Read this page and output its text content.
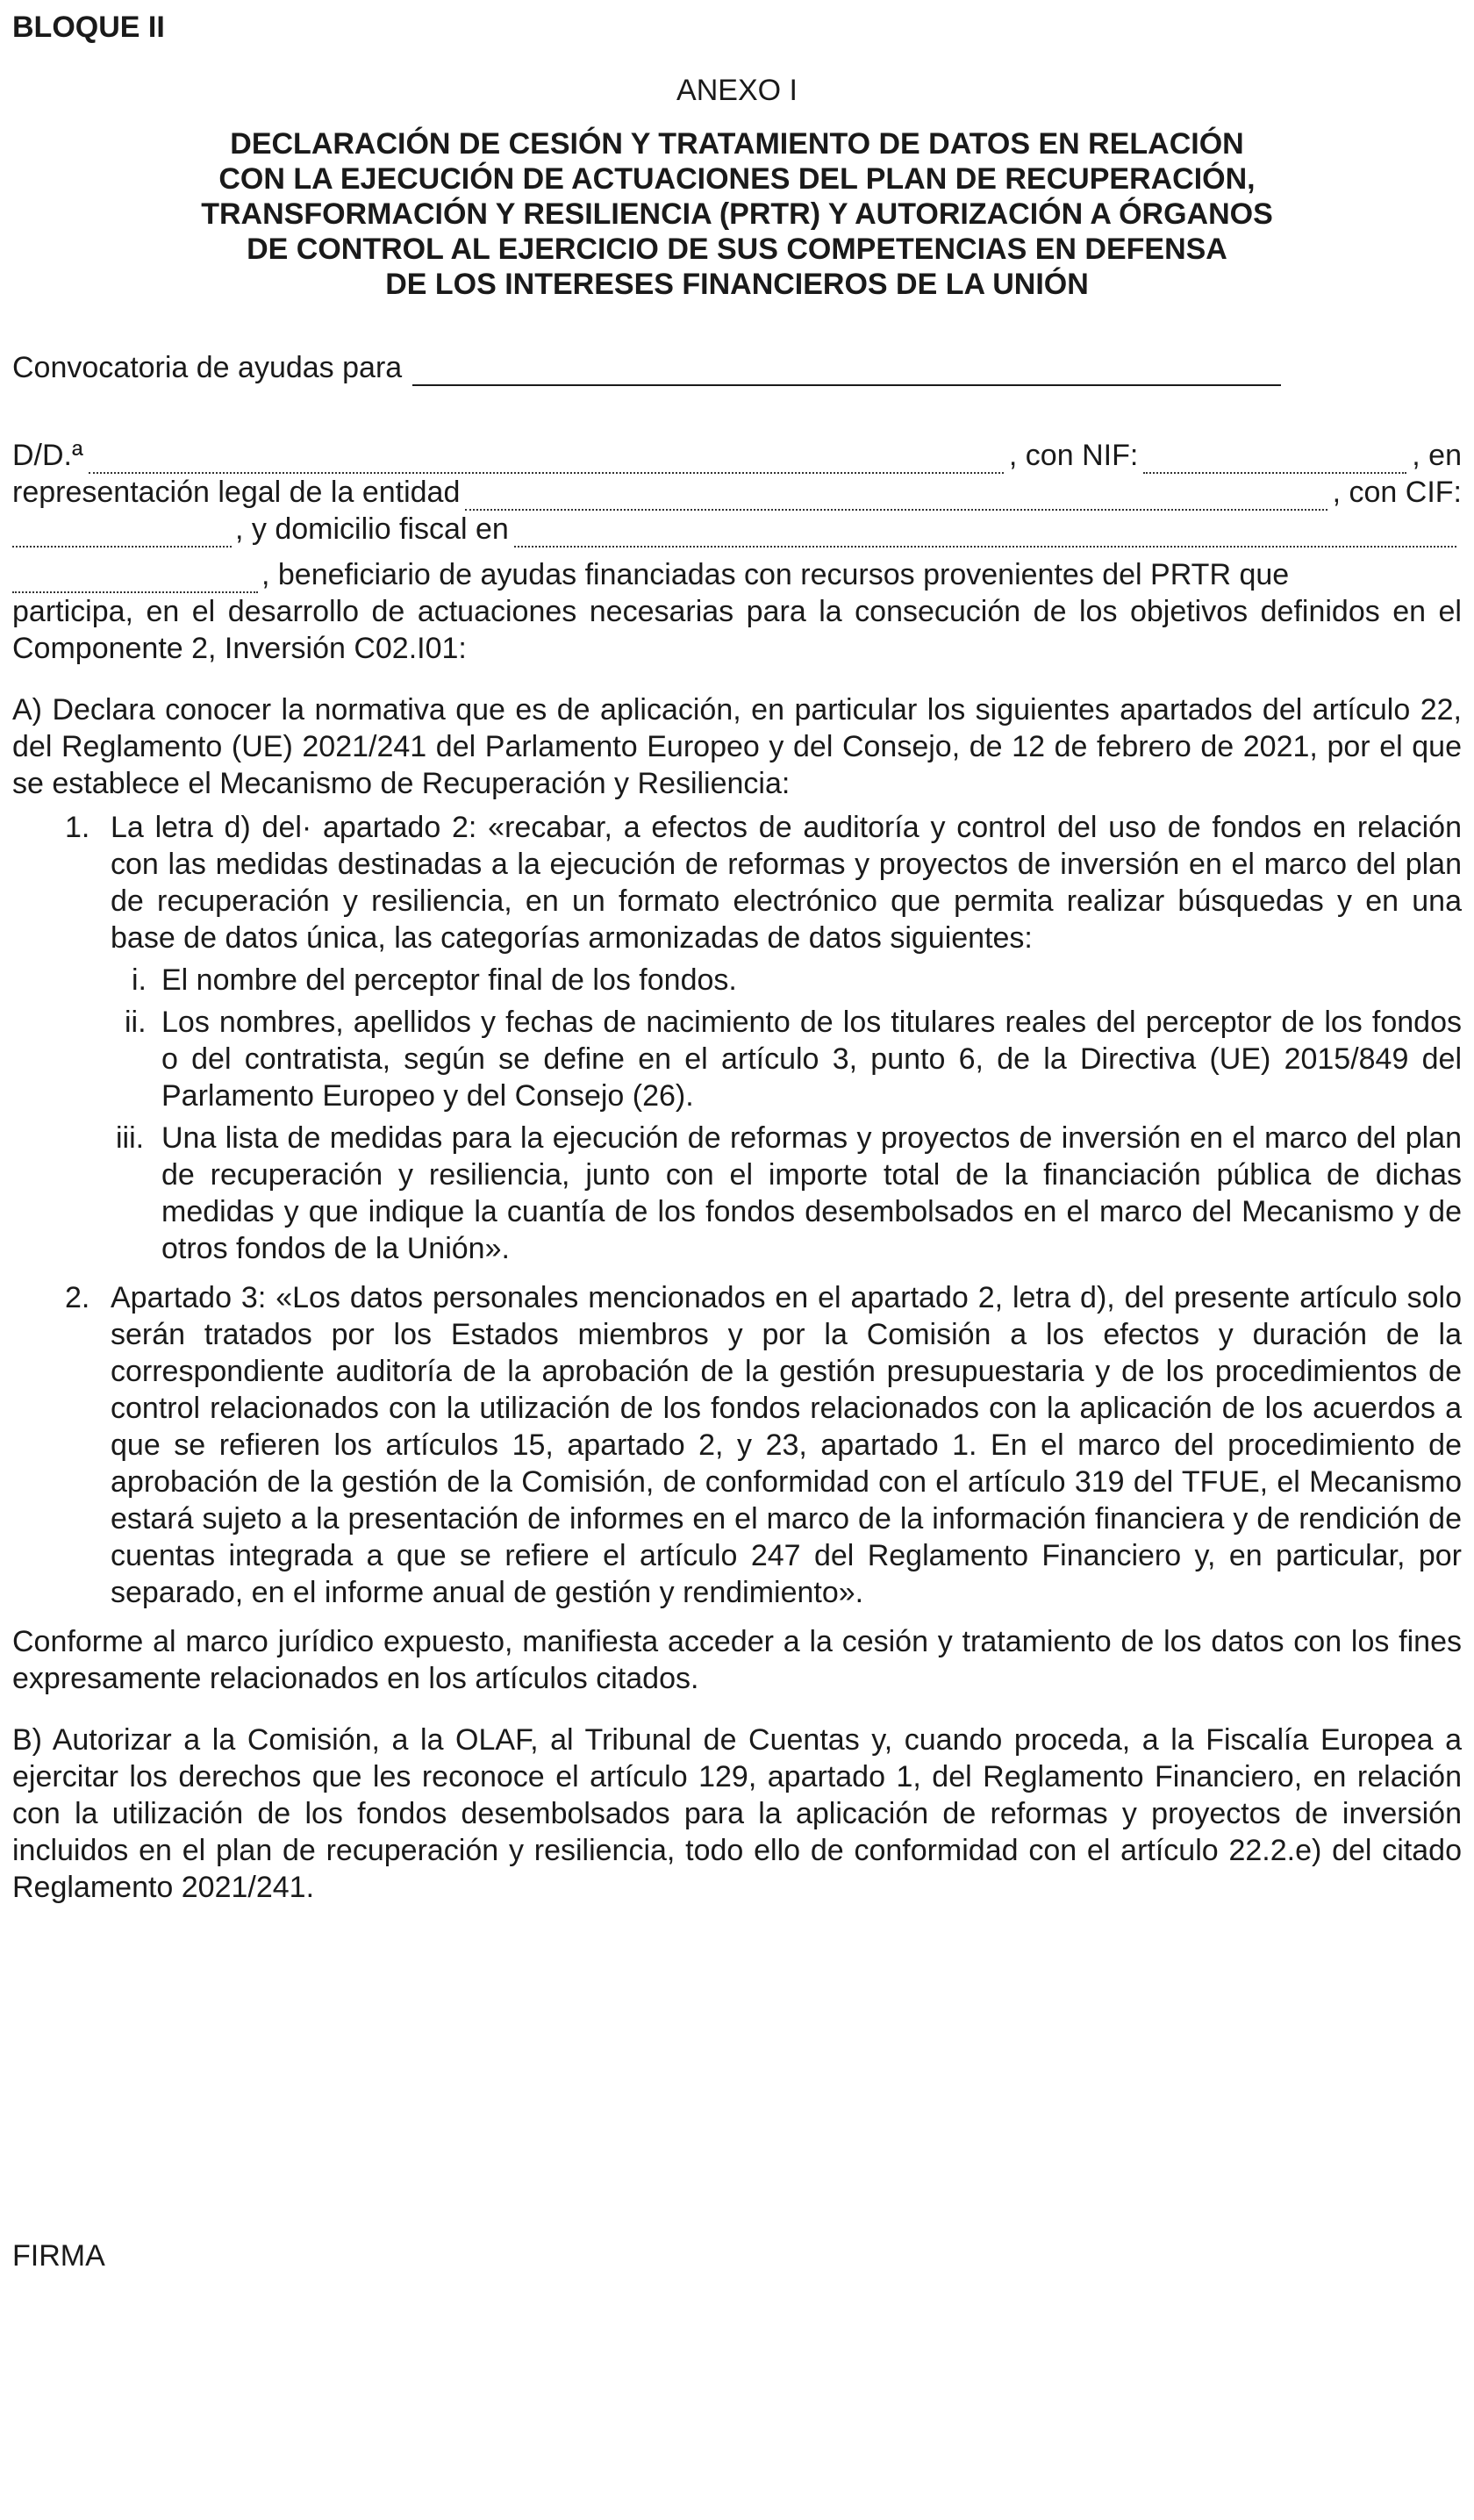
BLOQUE II
ANEXO I
DECLARACIÓN DE CESIÓN Y TRATAMIENTO DE DATOS EN RELACIÓN
CON LA EJECUCIÓN DE ACTUACIONES DEL PLAN DE RECUPERACIÓN,
TRANSFORMACIÓN Y RESILIENCIA (PRTR) Y AUTORIZACIÓN A ÓRGANOS
DE CONTROL AL EJERCICIO DE SUS COMPETENCIAS EN DEFENSA
DE LOS INTERESES FINANCIEROS DE LA UNIÓN
Convocatoria de ayudas para
D/D.ª	, con NIF:	, en
representación legal de la entidad	, con CIF:
, y domicilio fiscal en
, beneficiario de ayudas financiadas con recursos provenientes del PRTR que

participa, en el desarrollo de actuaciones necesarias para la consecución de los objetivos definidos en el Componente 2, Inversión C02.I01:

A) Declara conocer la normativa que es de aplicación, en particular los siguientes apartados del artículo 22, del Reglamento (UE) 2021/241 del Parlamento Europeo y del Consejo, de 12 de febrero de 2021, por el que se establece el Mecanismo de Recuperación y Resiliencia:

1. La letra d) del· apartado 2: «recabar, a efectos de auditoría y control del uso de fondos en relación con las medidas destinadas a la ejecución de reformas y proyectos de inversión en el marco del plan de recuperación y resiliencia, en un formato electrónico que permita realizar búsquedas y en una base de datos única, las categorías armonizadas de datos siguientes:
i. El nombre del perceptor final de los fondos.
ii. Los nombres, apellidos y fechas de nacimiento de los titulares reales del perceptor de los fondos o del contratista, según se define en el artículo 3, punto 6, de la Directiva (UE) 2015/849 del Parlamento Europeo y del Consejo (26).
iii. Una lista de medidas para la ejecución de reformas y proyectos de inversión en el marco del plan de recuperación y resiliencia, junto con el importe total de la financiación pública de dichas medidas y que indique la cuantía de los fondos desembolsados en el marco del Mecanismo y de otros fondos de la Unión».
2. Apartado 3: «Los datos personales mencionados en el apartado 2, letra d), del presente artículo solo serán tratados por los Estados miembros y por la Comisión a los efectos y duración de la correspondiente auditoría de la aprobación de la gestión presupuestaria y de los procedimientos de control relacionados con la utilización de los fondos relacionados con la aplicación de los acuerdos a que se refieren los artículos 15, apartado 2, y 23, apartado 1. En el marco del procedimiento de aprobación de la gestión de la Comisión, de conformidad con el artículo 319 del TFUE, el Mecanismo estará sujeto a la presentación de informes en el marco de la información financiera y de rendición de cuentas integrada a que se refiere el artículo 247 del Reglamento Financiero y, en particular, por separado, en el informe anual de gestión y rendimiento».

Conforme al marco jurídico expuesto, manifiesta acceder a la cesión y tratamiento de los datos con los fines expresamente relacionados en los artículos citados.

B) Autorizar a la Comisión, a la OLAF, al Tribunal de Cuentas y, cuando proceda, a la Fiscalía Europea a ejercitar los derechos que les reconoce el artículo 129, apartado 1, del Reglamento Financiero, en relación con la utilización de los fondos desembolsados para la aplicación de reformas y proyectos de inversión incluidos en el plan de recuperación y resiliencia, todo ello de conformidad con el artículo 22.2.e) del citado Reglamento 2021/241.

FIRMA
